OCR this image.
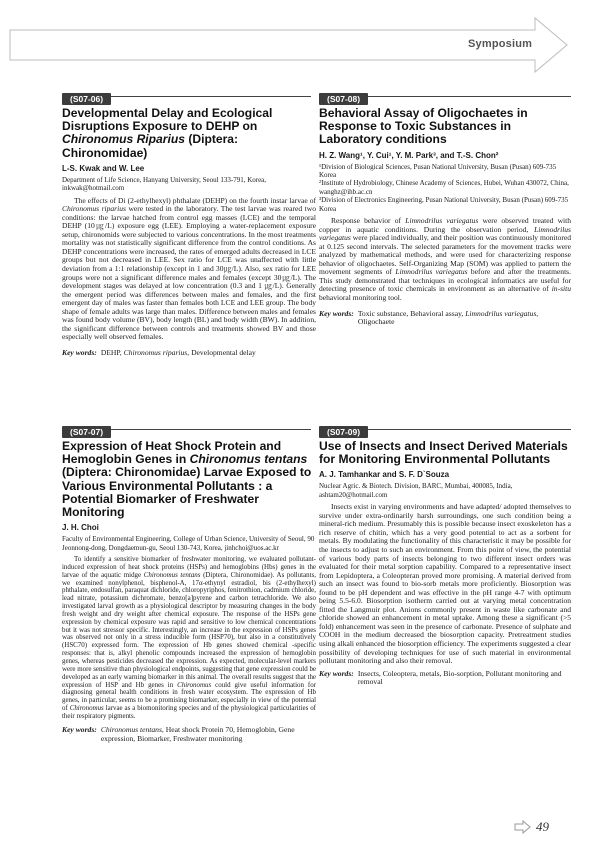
Symposium
(S07-06)
Developmental Delay and Ecological Disruptions Exposure to DEHP on Chironomus Riparius (Diptera: Chironomidae)
L-S. Kwak and W. Lee
Department of Life Science, Hanyang University, Seoul 133-791, Korea, inkwak@hotmail.com

The effects of Di (2-ethylhexyl) phthalate (DEHP) on the fourth instar larvae of Chironomus riparius were tested in the laboratory. The test larvae was reared two conditions: the larvae hatched from control egg masses (LCE) and the temporal DEHP (10㎍/L) exposure egg (LEE). Employing a water-replacement exposure setup, chironomids were subjected to various concentrations. In the most treatments mortality was not statistically significant difference from the control conditions. As DEHP concentrations were increased, the rates of emerged adults decreased in LCE groups but not decreased in LEE. Sex ratio for LCE was unaffected with little deviation from a 1:1 relationship (except in 1 and 30㎍/L). Also, sex ratio for LEE groups were not a significant difference males and females (except 30㎍/L). The development stages was delayed at low concentration (0.3 and 1 ㎍/L). Generally the emergent period was differences between males and females, and the first emergent day of males was faster than females both LCE and LEE group. The body shape of female adults was large than males. Difference between males and females was found body volume (BV), body length (BL) and body width (BW). In addition, the significant difference between controls and treatments showed BV and those especially well observed females.

Key words: DEHP, Chironomus riparius, Developmental delay
(S07-08)
Behavioral Assay of Oligochaetes in Response to Toxic Substances in Laboratory conditions
H. Z. Wang¹, Y. Cui¹, Y. M. Park³, and T.-S. Chon²
¹Division of Biological Sciences, Pusan National University, Busan (Pusan) 609-735 Korea
²Institute of Hydrobiology, Chinese Academy of Sciences, Hubei, Wuhan 430072, China, wanghz@ihb.ac.cn
³Division of Electronics Engineering, Pusan National University, Busan (Pusan) 609-735 Korea

Response behavior of Limnodrilus variegatus were observed treated with copper in aquatic conditions. During the observation period, Limnodrilus variegatus were placed individually, and their position was continuously monitored at 0.125 second intervals. The selected parameters for the movement tracks were analyzed by mathematical methods, and were used for characterizing response behavior of oligochaetes. Self-Organizing Map (SOM) was applied to pattern the movement segments of Limnodrilus variegatus before and after the treatments. This study demonstrated that techniques in ecological informatics are useful for detecting presence of toxic chemicals in environment as an alternative of in-situ behavioral monitoring tool.

Key words: Toxic substance, Behavioral assay, Limnodrilus variegatus, Oligochaete
(S07-07)
Expression of Heat Shock Protein and Hemoglobin Genes in Chironomus tentans (Diptera: Chironomidae) Larvae Exposed to Various Environmental Pollutants : a Potential Biomarker of Freshwater Monitoring
J. H. Choi
Faculty of Environmental Engineering, College of Urban Science, University of Seoul, 90 Jeonnong-dong, Dongdaemun-gu, Seoul 130-743, Korea, jinhchoi@uos.ac.kr

To identify a sensitive biomarker of freshwater monitoring, we evaluated pollutant-induced expression of heat shock proteins (HSPs) and hemoglobins (Hbs) genes in the larvae of the aquatic midge Chironomus tentans (Diptera, Chironomidae). As pollutants, we examined nonylphenol, bisphenol-A, 17α-ethynyl estradiol, bis (2-ethylhexyl) phthalate, endosulfan, paraquat dichloride, chloropyriphos, fenitrothion, cadmium chloride, lead nitrate, potassium dichromate, benzo[a]pyrene and carbon tetrachloride. We also investigated larval growth as a physiological descriptor by measuring changes in the body fresh weight and dry weight after chemical exposure. The response of the HSPs gene expression by chemical exposure was rapid and sensitive to low chemical concentrations but it was not stressor specific. Interestingly, an increase in the expression of HSPs genes was observed not only in a stress inducible form (HSP70), but also in a constitutively (HSC70) expressed form. The expression of Hb genes showed chemical -specific responses: that is, alkyl phenolic compounds increased the expression of hemoglobin genes, whereas pesticides decreased the expression. As expected, molecular-level markers were more sensitive than physiological endpoints, suggesting that gene expression could be developed as an early warning biomarker in this animal. The overall results suggest that the expression of HSP and Hb genes in Chironomus could give useful information for diagnosing general health conditions in fresh water ecosystem. The expression of Hb genes, in particular, seems to be a promising biomarker, especially in view of the potential of Chironomus larvae as a biomonitoring species and of the physiological particularities of their respiratory pigments.

Key words: Chironomus tentans, Heat shock Protein 70, Hemoglobin, Gene expression, Biomarker, Freshwater monitoring
(S07-09)
Use of Insects and Insect Derived Materials for Monitoring Environmental Pollutants
A. J. Tamhankar and S. F. D`Souza
Nuclear Agric. & Biotech. Division, BARC, Mumbai, 400085, India, ashtam20@hotmail.com

Insects exist in varying environments and have adapted/ adopted themselves to survive under extra-ordinarily harsh surroundings, one such condition being a mineral-rich medium. Presumably this is possible because insect exoskeleton has a rich reserve of chitin, which has a very good potential to act as a sorbent for metals. By modulating the functionality of this characteristic it may be possible for the insects to adjust to such an environment. From this point of view, the potential of various body parts of insects belonging to two different insect orders was evaluated for their metal sorption capability. Compared to a representative insect from Lepidoptera, a Coleopteran proved more promising. A material derived from such an insect was found to bio-sorb metals more proficiently. Biosorption was found to be pH dependent and was effective in the pH range 4-7 with optimum being 5.5-6.0. Biosorption isotherm carried out at varying metal concentration fitted the Langmuir plot. Anions commonly present in waste like carbonate and chloride showed an enhancement in metal uptake. Among these a significant (>5 fold) enhancement was seen in the presence of carbonate. Presence of sulphate and COOH in the medium decreased the biosorption capacity. Pretreatment studies using alkali enhanced the biosorption efficiency. The experiments suggested a clear possibility of developing techniques for use of such material in environmental pollutant monitoring and also their removal.

Key words: Insects, Coleoptera, metals, Bio-sorption, Pollutant monitoring and removal
49
